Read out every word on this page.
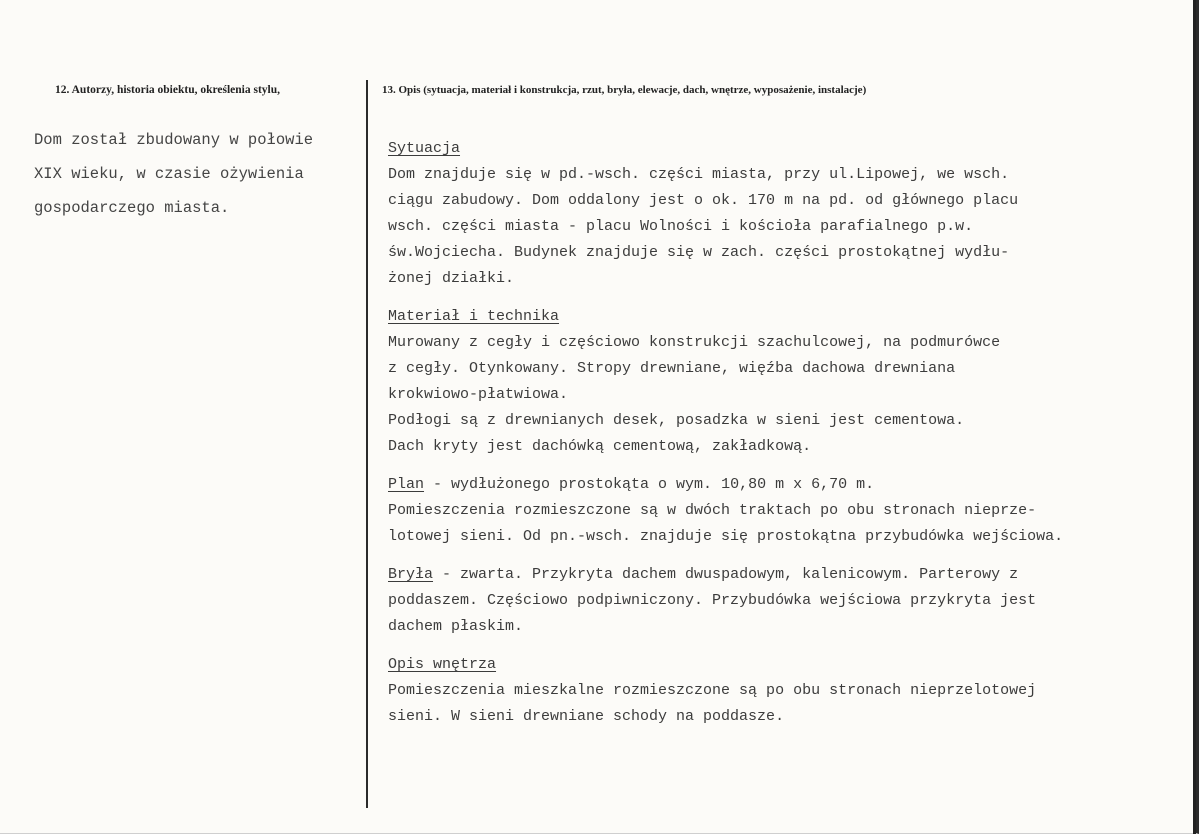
12. Autorzy, historia obiektu, określenia stylu,	13. Opis (sytuacja, materiał i konstrukcja, rzut, bryła, elewacje, dach, wnętrze, wyposażenie, instalacje)

Dom został zbudowany w połowie

XIX wieku, w czasie ożywienia

gospodarczego miasta.

Sytuacja
Dom znajduje się w pd.-wsch. części miasta, przy ul.Lipowej, we wsch.
ciągu zabudowy. Dom oddalony jest o ok. 170 m na pd. od głównego placu
wsch. części miasta - placu Wolności i kościoła parafialnego p.w.
św.Wojciecha. Budynek znajduje się w zach. części prostokątnej wydłu-
żonej działki.
Materiał i technika
Murowany z cegły i częściowo konstrukcji szachulcowej, na podmurówce
z cegły. Otynkowany. Stropy drewniane, więźba dachowa drewniana
krokwiowo-płatwiowa.
Podłogi są z drewnianych desek, posadzka w sieni jest cementowa.
Dach kryty jest dachówką cementową, zakładkową.
Plan - wydłużonego prostokąta o wym. 10,80 m x 6,70 m.
Pomieszczenia rozmieszczone są w dwóch traktach po obu stronach nieprze-
lotowej sieni. Od pn.-wsch. znajduje się prostokątna przybudówka wejściowa.
Bryła - zwarta. Przykryta dachem dwuspadowym, kalenicowym. Parterowy z
poddaszem. Częściowo podpiwniczony. Przybudówka wejściowa przykryta jest
dachem płaskim.
Opis wnętrza
Pomieszczenia mieszkalne rozmieszczone są po obu stronach nieprzelotowej
sieni. W sieni drewniane schody na poddasze.
